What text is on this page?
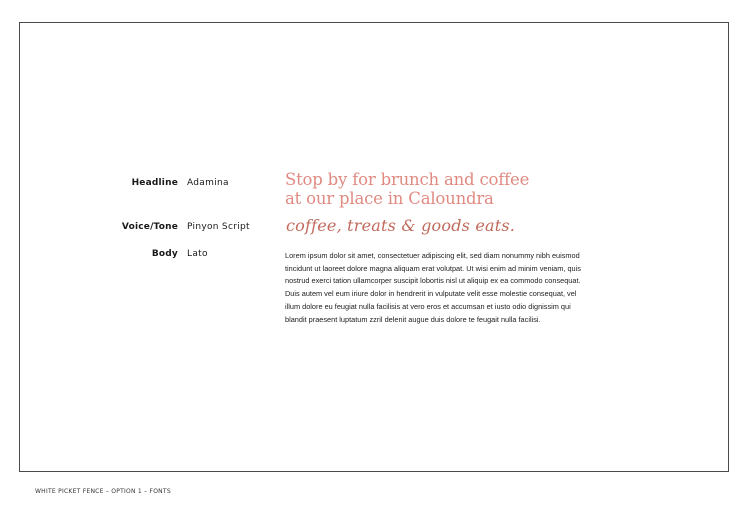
Headline Adamina
Voice/Tone Pinyon Script
Body Lato
Stop by for brunch and coffee
at our place in Caloundra
coffee, treats & goods eats.

Lorem ipsum dolor sit amet, consectetuer adipiscing elit, sed diam nonummy nibh euismod tincidunt ut laoreet dolore magna aliquam erat volutpat. Ut wisi enim ad minim veniam, quis nostrud exerci tation ullamcorper suscipit lobortis nisl ut aliquip ex ea commodo consequat. Duis autem vel eum iriure dolor in hendrerit in vulputate velit esse molestie consequat, vel illum dolore eu feugiat nulla facilisis at vero eros et accumsan et iusto odio dignissim qui blandit praesent luptatum zzril delenit augue duis dolore te feugait nulla facilisi.

WHITE PICKET FENCE – OPTION 1 – FONTS
